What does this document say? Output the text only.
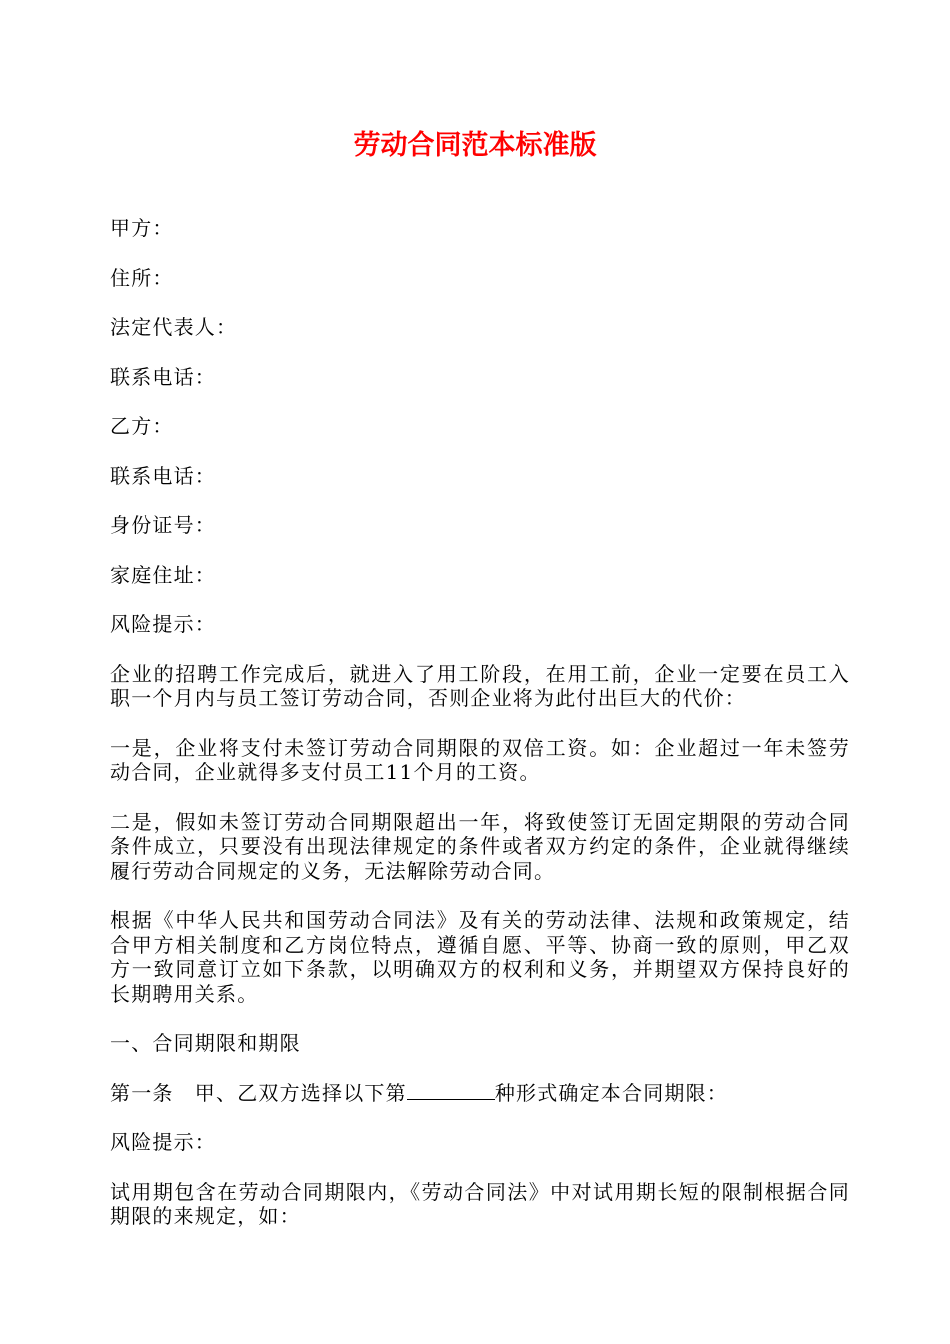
劳动合同范本标准版

甲方：

住所：

法定代表人：

联系电话：

乙方：

联系电话：

身份证号：

家庭住址：

风险提示：

企业的招聘工作完成后，就进入了用工阶段，在用工前，企业一定要在员工入职一个月内与员工签订劳动合同，否则企业将为此付出巨大的代价：

一是，企业将支付未签订劳动合同期限的双倍工资。如：企业超过一年未签劳动合同，企业就得多支付员工11个月的工资。

二是，假如未签订劳动合同期限超出一年，将致使签订无固定期限的劳动合同条件成立，只要没有出现法律规定的条件或者双方约定的条件，企业就得继续履行劳动合同规定的义务，无法解除劳动合同。

根据《中华人民共和国劳动合同法》及有关的劳动法律、法规和政策规定，结合甲方相关制度和乙方岗位特点，遵循自愿、平等、协商一致的原则，甲乙双方一致同意订立如下条款，以明确双方的权利和义务，并期望双方保持良好的长期聘用关系。

一、合同期限和期限

第一条　甲、乙双方选择以下第	种形式确定本合同期限：

风险提示：

试用期包含在劳动合同期限内，《劳动合同法》中对试用期长短的限制根据合同期限的来规定，如：
